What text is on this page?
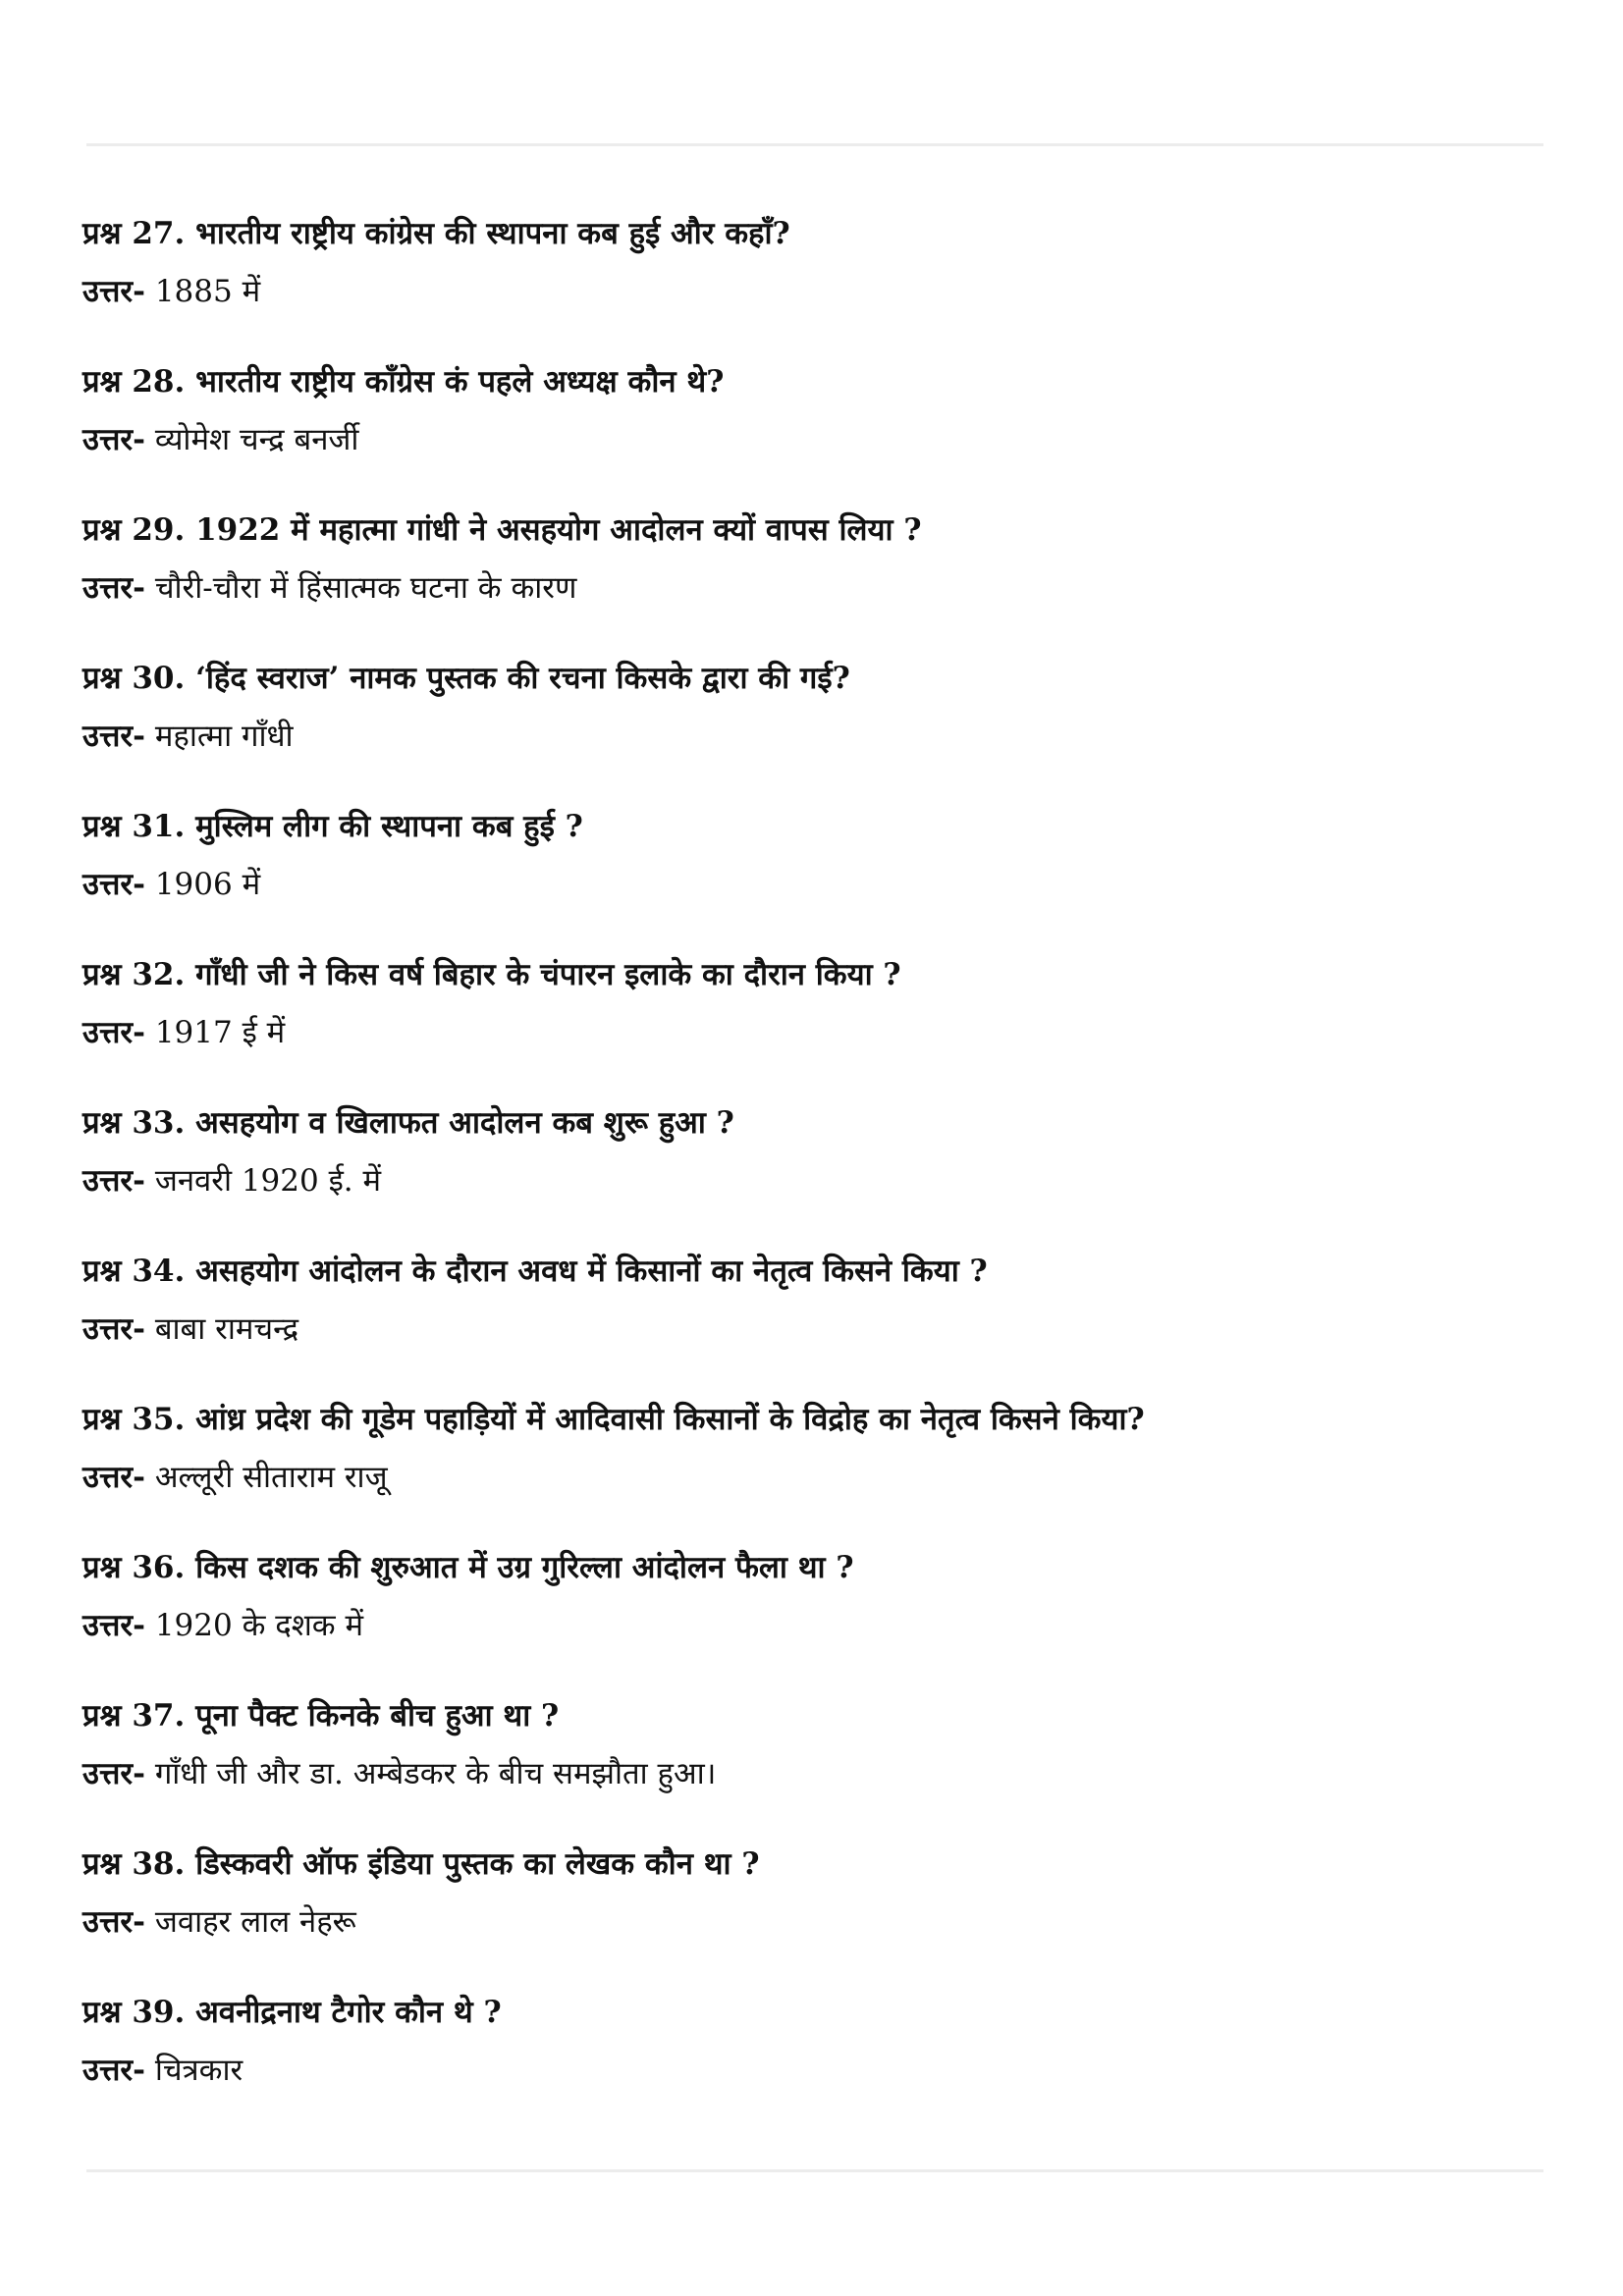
प्रश्न 27. भारतीय राष्ट्रीय कांग्रेस की स्थापना कब हुई और कहाँ?
उत्तर- 1885 में
प्रश्न 28. भारतीय राष्ट्रीय काँग्रेस कं पहले अध्यक्ष कौन थे?
उत्तर- व्योमेश चन्द्र बनर्जी
प्रश्न 29. 1922 में महात्मा गांधी ने असहयोग आदोलन क्यों वापस लिया ?
उत्तर- चौरी-चौरा में हिंसात्मक घटना के कारण
प्रश्न 30. ‘हिंद स्वराज’ नामक पुस्तक की रचना किसके द्वारा की गई?
उत्तर- महात्मा गाँधी
प्रश्न 31. मुस्लिम लीग की स्थापना कब हुई ?
उत्तर- 1906 में
प्रश्न 32. गाँधी जी ने किस वर्ष बिहार के चंपारन इलाके का दौरान किया ?
उत्तर- 1917 ई में
प्रश्न 33. असहयोग व खिलाफत आदोलन कब शुरू हुआ ?
उत्तर- जनवरी 1920 ई. में
प्रश्न 34. असहयोग आंदोलन के दौरान अवध में किसानों का नेतृत्व किसने किया ?
उत्तर- बाबा रामचन्द्र
प्रश्न 35. आंध्र प्रदेश की गूडेम पहाड़ियों में आदिवासी किसानों के विद्रोह का नेतृत्व किसने किया?
उत्तर- अल्लूरी सीताराम राजू
प्रश्न 36. किस दशक की शुरुआत में उग्र गुरिल्ला आंदोलन फैला था ?
उत्तर- 1920 के दशक में
प्रश्न 37. पूना पैक्ट किनके बीच हुआ था ?
उत्तर- गाँधी जी और डा. अम्बेडकर के बीच समझौता हुआ।
प्रश्न 38. डिस्कवरी ऑफ इंडिया पुस्तक का लेखक कौन था ?
उत्तर- जवाहर लाल नेहरू
प्रश्न 39. अवनीद्रनाथ टैगोर कौन थे ?
उत्तर- चित्रकार
